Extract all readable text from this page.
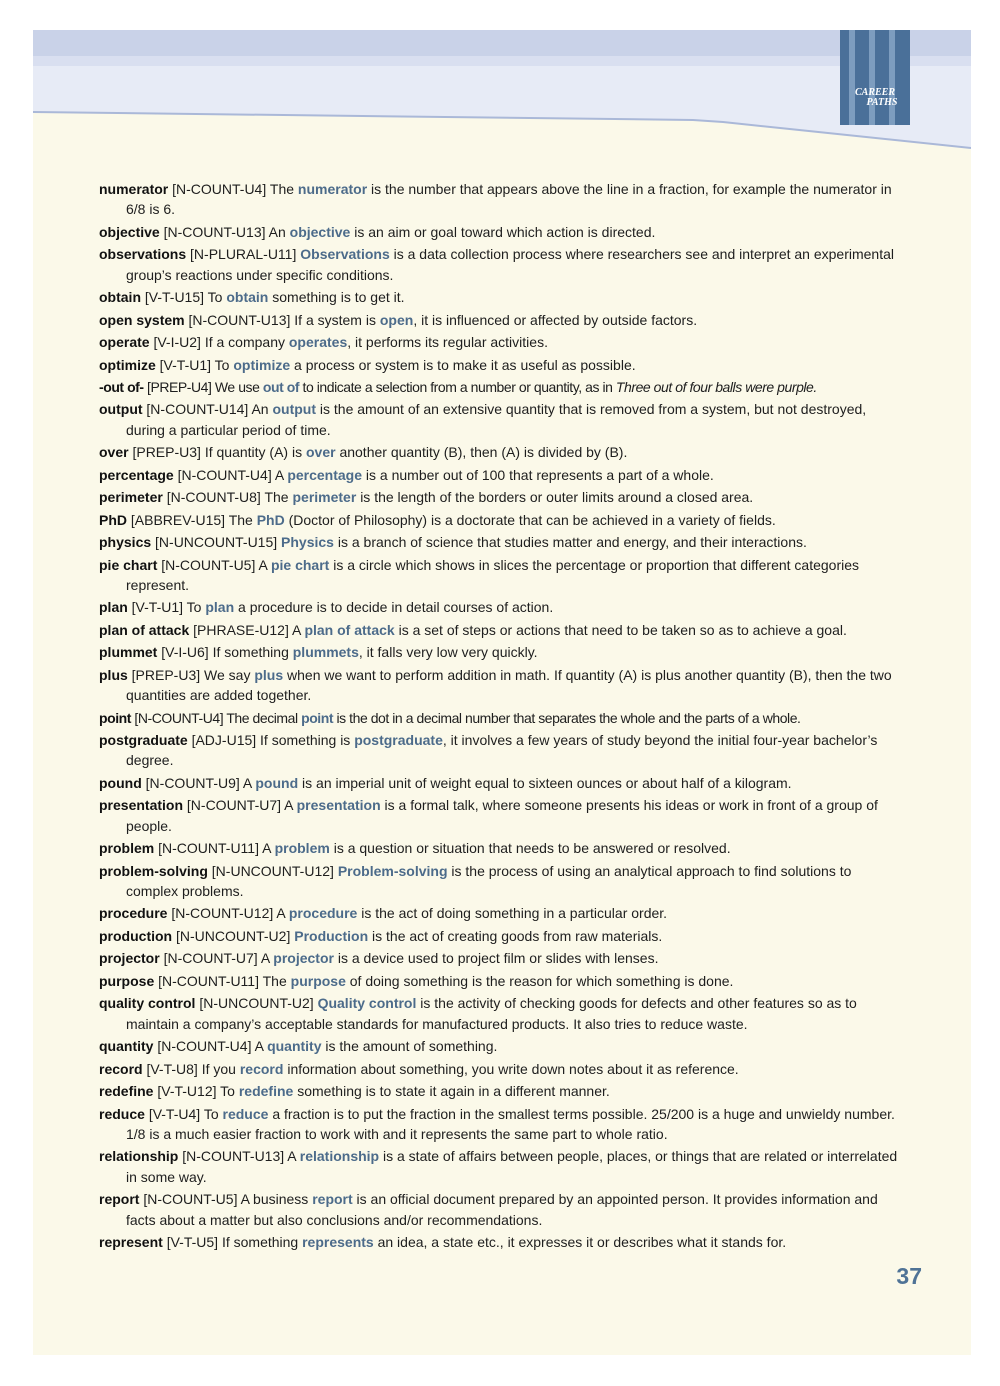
CAREER
PATHS

numerator [N-COUNT-U4] The numerator is the number that appears above the line in a fraction, for example the numerator in 6/8 is 6.

objective [N-COUNT-U13] An objective is an aim or goal toward which action is directed.

observations [N-PLURAL-U11] Observations is a data collection process where researchers see and interpret an experimental group’s reactions under specific conditions.

obtain [V-T-U15] To obtain something is to get it.

open system [N-COUNT-U13] If a system is open, it is influenced or affected by outside factors.

operate [V-I-U2] If a company operates, it performs its regular activities.

optimize [V-T-U1] To optimize a process or system is to make it as useful as possible.

-out of- [PREP-U4] We use out of to indicate a selection from a number or quantity, as in Three out of four balls were purple.

output [N-COUNT-U14] An output is the amount of an extensive quantity that is removed from a system, but not destroyed, during a particular period of time.

over [PREP-U3] If quantity (A) is over another quantity (B), then (A) is divided by (B).

percentage [N-COUNT-U4] A percentage is a number out of 100 that represents a part of a whole.

perimeter [N-COUNT-U8] The perimeter is the length of the borders or outer limits around a closed area.

PhD [ABBREV-U15] The PhD (Doctor of Philosophy) is a doctorate that can be achieved in a variety of fields.

physics [N-UNCOUNT-U15] Physics is a branch of science that studies matter and energy, and their interactions.

pie chart [N-COUNT-U5] A pie chart is a circle which shows in slices the percentage or proportion that different categories represent.

plan [V-T-U1] To plan a procedure is to decide in detail courses of action.

plan of attack [PHRASE-U12] A plan of attack is a set of steps or actions that need to be taken so as to achieve a goal.

plummet [V-I-U6] If something plummets, it falls very low very quickly.

plus [PREP-U3] We say plus when we want to perform addition in math. If quantity (A) is plus another quantity (B), then the two quantities are added together.

point [N-COUNT-U4] The decimal point is the dot in a decimal number that separates the whole and the parts of a whole.

postgraduate [ADJ-U15] If something is postgraduate, it involves a few years of study beyond the initial four-year bachelor’s degree.

pound [N-COUNT-U9] A pound is an imperial unit of weight equal to sixteen ounces or about half of a kilogram.

presentation [N-COUNT-U7] A presentation is a formal talk, where someone presents his ideas or work in front of a group of people.

problem [N-COUNT-U11] A problem is a question or situation that needs to be answered or resolved.

problem-solving [N-UNCOUNT-U12] Problem-solving is the process of using an analytical approach to find solutions to complex problems.

procedure [N-COUNT-U12] A procedure is the act of doing something in a particular order.

production [N-UNCOUNT-U2] Production is the act of creating goods from raw materials.

projector [N-COUNT-U7] A projector is a device used to project film or slides with lenses.

purpose [N-COUNT-U11] The purpose of doing something is the reason for which something is done.

quality control [N-UNCOUNT-U2] Quality control is the activity of checking goods for defects and other features so as to maintain a company’s acceptable standards for manufactured products. It also tries to reduce waste.

quantity [N-COUNT-U4] A quantity is the amount of something.

record [V-T-U8] If you record information about something, you write down notes about it as reference.

redefine [V-T-U12] To redefine something is to state it again in a different manner.

reduce [V-T-U4] To reduce a fraction is to put the fraction in the smallest terms possible. 25/200 is a huge and unwieldy number. 1/8 is a much easier fraction to work with and it represents the same part to whole ratio.

relationship [N-COUNT-U13] A relationship is a state of affairs between people, places, or things that are related or interrelated in some way.

report [N-COUNT-U5] A business report is an official document prepared by an appointed person. It provides information and facts about a matter but also conclusions and/or recommendations.

represent [V-T-U5] If something represents an idea, a state etc., it expresses it or describes what it stands for.

37
